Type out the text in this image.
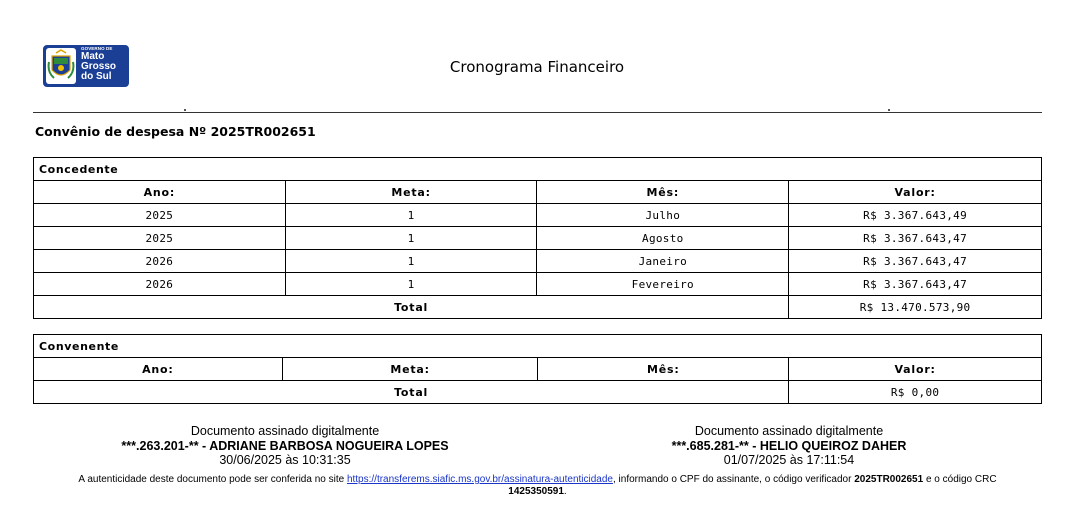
GOVERNO DE
Mato
Grosso
do Sul	Cronograma Financeiro
Convênio de despesa Nº 2025TR002651
Concedente			
Ano:	Meta:	Mês:	Valor:
2025	1	Julho	R$ 3.367.643,49
2025	1	Agosto	R$ 3.367.643,47
2026	1	Janeiro	R$ 3.367.643,47
2026	1	Fevereiro	R$ 3.367.643,47
Total			R$ 13.470.573,90
Convenente			
Ano:	Meta:	Mês:	Valor:
Total			R$ 0,00
Documento assinado digitalmente
***.263.201-** - ADRIANE BARBOSA NOGUEIRA LOPES
30/06/2025 às 10:31:35
Documento assinado digitalmente
***.685.281-** - HELIO QUEIROZ DAHER
01/07/2025 às 17:11:54
A autenticidade deste documento pode ser conferida no site https://transferems.siafic.ms.gov.br/assinatura-autenticidade, informando o CPF do assinante, o código verificador 2025TR002651 e o código CRC 1425350591.
